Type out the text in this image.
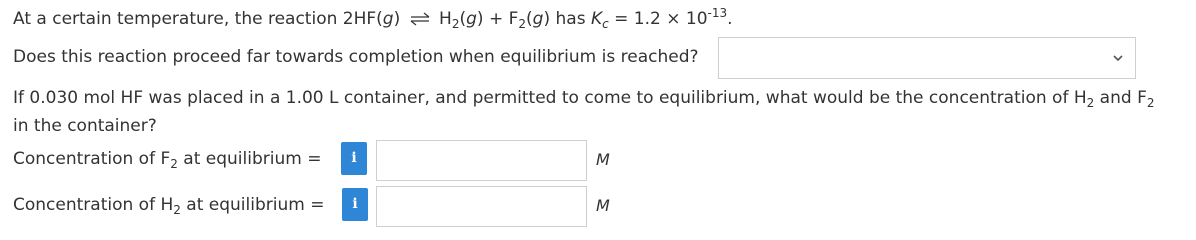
At a certain temperature, the reaction 2HF(g) ⇌ $H_2(g) + F_2(g)$ has $K_c = 1.2 \times 10^{-13}$.
Does this reaction proceed far towards completion when equilibrium is reached?
If 0.030 mol HF was placed in a 1.00 L container, and permitted to come to equilibrium, what would be the concentration of $H_2$ and $F_2$
in the container?
Concentration of $F_2$ at equilibrium =	i	M
Concentration of $H_2$ at equilibrium =	i	M
